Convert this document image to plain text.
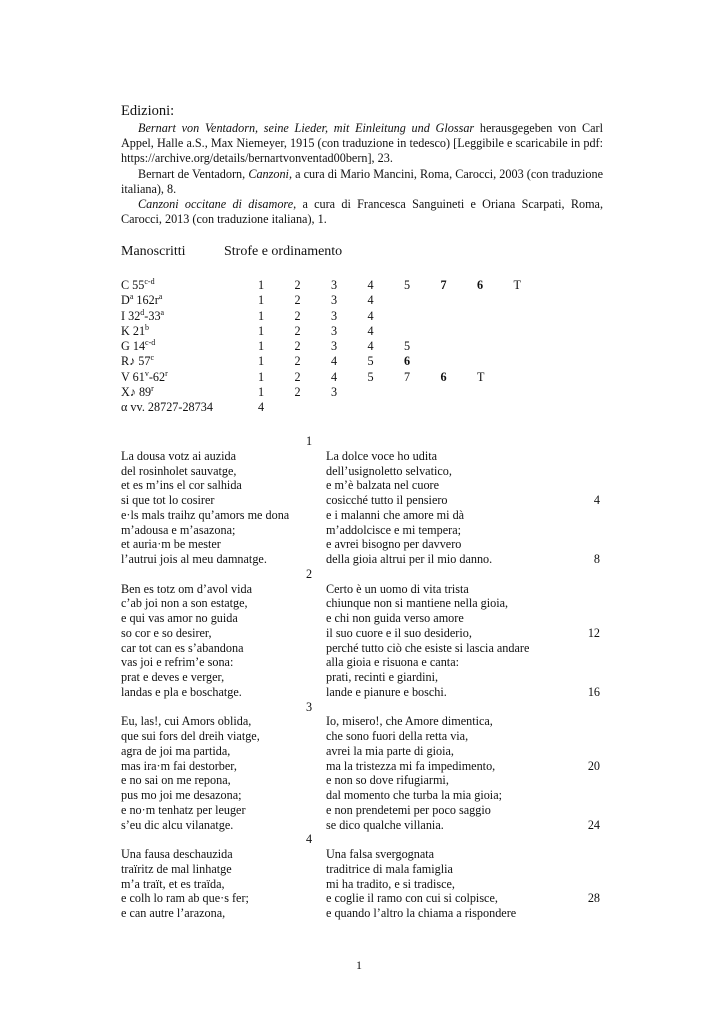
Edizioni:

Bernart von Ventadorn, seine Lieder, mit Einleitung und Glossar herausgegeben von Carl Appel, Halle a.S., Max Niemeyer, 1915 (con traduzione in tedesco) [Leggibile e scaricabile in pdf: https://archive.org/details/bernartvonventad00bern], 23.

Bernart de Ventadorn, Canzoni, a cura di Mario Mancini, Roma, Carocci, 2003 (con traduzione italiana), 8.

Canzoni occitane di disamore, a cura di Francesca Sanguineti e Oriana Scarpati, Roma, Carocci, 2013 (con traduzione italiana), 1.

Manoscritti	Strofe e ordinamento
C 55$^{c-d}$	1	2	3	4	5	7	6	T
$D^a$ $162r^a$	1	2	3	4				
I 32$^d$-33$^a$	1	2	3	4				
K 21$^b$	1	2	3	4				
G 14$^{c-d}$	1	2	3	4	5			
R♪ 57$^c$	1	2	4	5	6			
V 61$^v$-62$^r$	1	2	4	5	7	6	T	
X♪ 89$^r$	1	2	3					
α vv. 28727-28734	4							
1
La dousa votz ai auzida	La dolce voce ho udita
del rosinholet sauvatge,	dell’usignoletto selvatico,
et es m’ins el cor salhida	e m’è balzata nel cuore
si que tot lo cosirer	cosicché tutto il pensiero	4
e·ls mals traihz qu’amors me dona	e i malanni che amore mi dà
m’adousa e m’asazona;	m’addolcisce e mi tempera;
et auria·m be mester	e avrei bisogno per davvero
l’autrui jois al meu damnatge.	della gioia altrui per il mio danno.	8
2
Ben es totz om d’avol vida	Certo è un uomo di vita trista
c’ab joi non a son estatge,	chiunque non si mantiene nella gioia,
e qui vas amor no guida	e chi non guida verso amore
so cor e so desirer,	il suo cuore e il suo desiderio,	12
car tot can es s’abandona	perché tutto ciò che esiste si lascia andare
vas joi e refrim’e sona:	alla gioia e risuona e canta:
prat e deves e verger,	prati, recinti e giardini,
landas e pla e boschatge.	lande e pianure e boschi.	16
3
Eu, las!, cui Amors oblida,	Io, misero!, che Amore dimentica,
que sui fors del dreih viatge,	che sono fuori della retta via,
agra de joi ma partida,	avrei la mia parte di gioia,
mas ira·m fai destorber,	ma la tristezza mi fa impedimento,	20
e no sai on me repona,	e non so dove rifugiarmi,
pus mo joi me desazona;	dal momento che turba la mia gioia;
e no·m tenhatz per leuger	e non prendetemi per poco saggio
s’eu dic alcu vilanatge.	se dico qualche villania.	24
4
Una fausa deschauzida	Una falsa svergognata
traïritz de mal linhatge	traditrice di mala famiglia
m’a traït, et es traïda,	mi ha tradito, e si tradisce,
e colh lo ram ab que·s fer;	e coglie il ramo con cui si colpisce,	28
e can autre l’arazona,	e quando l’altro la chiama a rispondere
1
